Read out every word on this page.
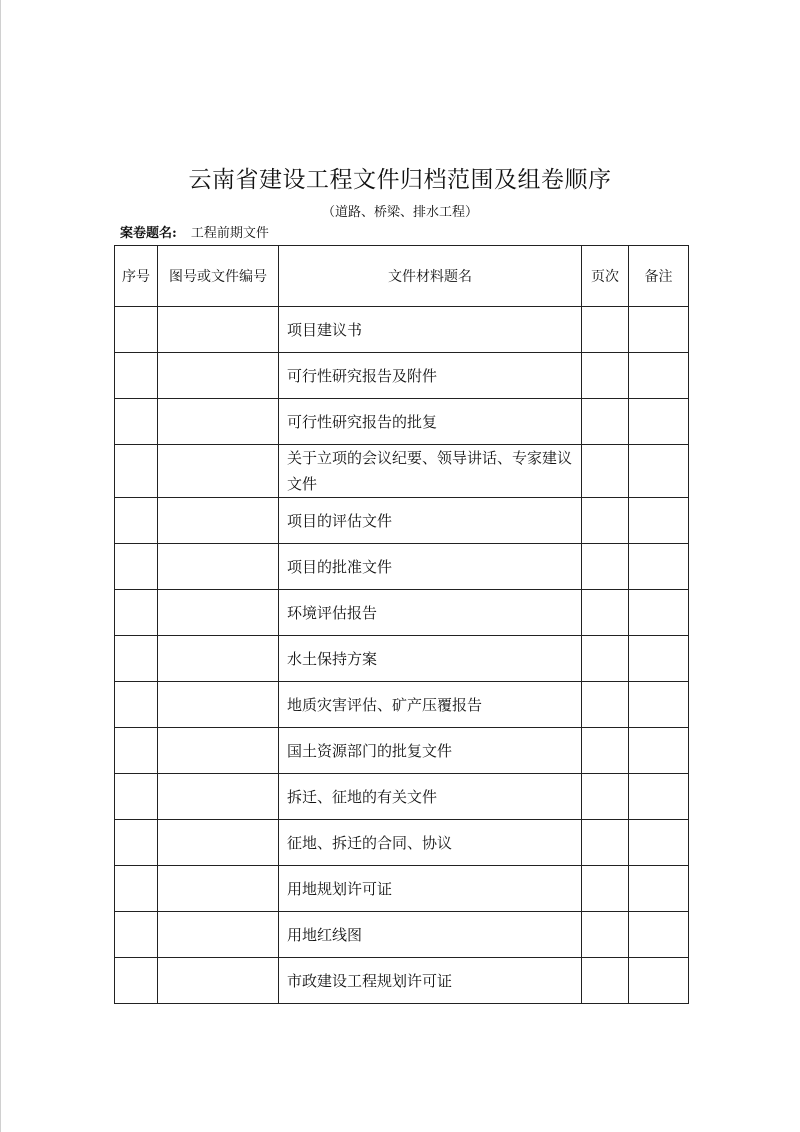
云南省建设工程文件归档范围及组卷顺序
（道路、桥梁、排水工程）
案卷题名: 工程前期文件
序号	图号或文件编号	文件材料题名	页次	备注
		项目建议书		
		可行性研究报告及附件		
		可行性研究报告的批复		
		关于立项的会议纪要、领导讲话、专家建议文件		
		项目的评估文件		
		项目的批准文件		
		环境评估报告		
		水土保持方案		
		地质灾害评估、矿产压覆报告		
		国土资源部门的批复文件		
		拆迁、征地的有关文件		
		征地、拆迁的合同、协议		
		用地规划许可证		
		用地红线图		
		市政建设工程规划许可证		
